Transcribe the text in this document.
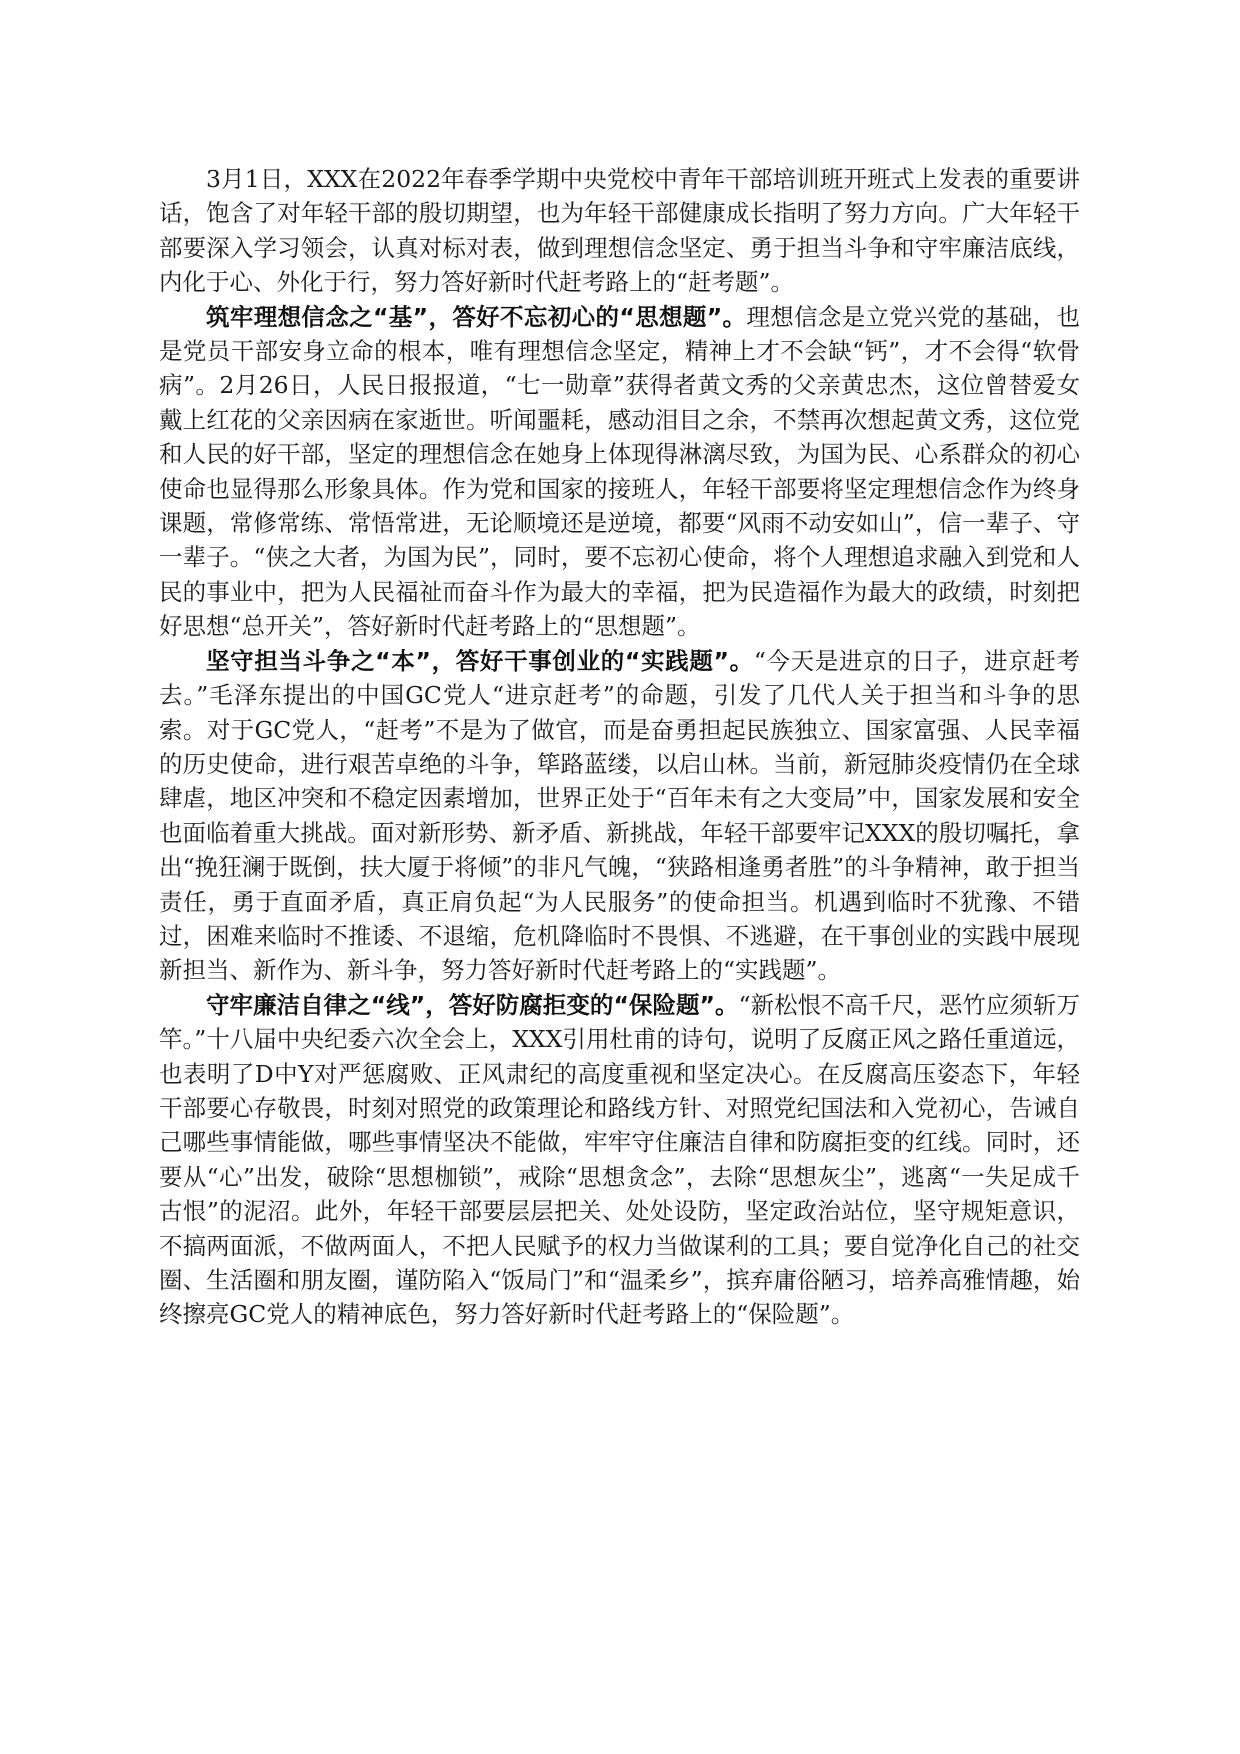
3月1日，XXX在2022年春季学期中央党校中青年干部培训班开班式上发表的重要讲话，饱含了对年轻干部的殷切期望，也为年轻干部健康成长指明了努力方向。广大年轻干部要深入学习领会，认真对标对表，做到理想信念坚定、勇于担当斗争和守牢廉洁底线，内化于心、外化于行，努力答好新时代赶考路上的“赶考题”。

筑牢理想信念之“基”，答好不忘初心的“思想题”。理想信念是立党兴党的基础，也是党员干部安身立命的根本，唯有理想信念坚定，精神上才不会缺“钙”，才不会得“软骨病”。2月26日，人民日报报道，“七一勋章”获得者黄文秀的父亲黄忠杰，这位曾替爱女戴上红花的父亲因病在家逝世。听闻噩耗，感动泪目之余，不禁再次想起黄文秀，这位党和人民的好干部，坚定的理想信念在她身上体现得淋漓尽致，为国为民、心系群众的初心使命也显得那么形象具体。作为党和国家的接班人，年轻干部要将坚定理想信念作为终身课题，常修常练、常悟常进，无论顺境还是逆境，都要“风雨不动安如山”，信一辈子、守一辈子。“侠之大者，为国为民”，同时，要不忘初心使命，将个人理想追求融入到党和人民的事业中，把为人民福祉而奋斗作为最大的幸福，把为民造福作为最大的政绩，时刻把好思想“总开关”，答好新时代赶考路上的“思想题”。

坚守担当斗争之“本”，答好干事创业的“实践题”。“今天是进京的日子，进京赶考去。”毛泽东提出的中国GC党人“进京赶考”的命题，引发了几代人关于担当和斗争的思索。对于GC党人，“赶考”不是为了做官，而是奋勇担起民族独立、国家富强、人民幸福的历史使命，进行艰苦卓绝的斗争，筚路蓝缕，以启山林。当前，新冠肺炎疫情仍在全球肆虐，地区冲突和不稳定因素增加，世界正处于“百年未有之大变局”中，国家发展和安全也面临着重大挑战。面对新形势、新矛盾、新挑战，年轻干部要牢记XXX的殷切嘱托，拿出“挽狂澜于既倒，扶大厦于将倾”的非凡气魄，“狭路相逢勇者胜”的斗争精神，敢于担当责任，勇于直面矛盾，真正肩负起“为人民服务”的使命担当。机遇到临时不犹豫、不错过，困难来临时不推诿、不退缩，危机降临时不畏惧、不逃避，在干事创业的实践中展现新担当、新作为、新斗争，努力答好新时代赶考路上的“实践题”。

守牢廉洁自律之“线”，答好防腐拒变的“保险题”。“新松恨不高千尺，恶竹应须斩万竿。”十八届中央纪委六次全会上，XXX引用杜甫的诗句，说明了反腐正风之路任重道远，也表明了D中Y对严惩腐败、正风肃纪的高度重视和坚定决心。在反腐高压姿态下，年轻干部要心存敬畏，时刻对照党的政策理论和路线方针、对照党纪国法和入党初心，告诫自己哪些事情能做，哪些事情坚决不能做，牢牢守住廉洁自律和防腐拒变的红线。同时，还要从“心”出发，破除“思想枷锁”，戒除“思想贪念”，去除“思想灰尘”，逃离“一失足成千古恨”的泥沼。此外，年轻干部要层层把关、处处设防，坚定政治站位，坚守规矩意识，不搞两面派，不做两面人，不把人民赋予的权力当做谋利的工具；要自觉净化自己的社交圈、生活圈和朋友圈，谨防陷入“饭局门”和“温柔乡”，摈弃庸俗陋习，培养高雅情趣，始终擦亮GC党人的精神底色，努力答好新时代赶考路上的“保险题”。
